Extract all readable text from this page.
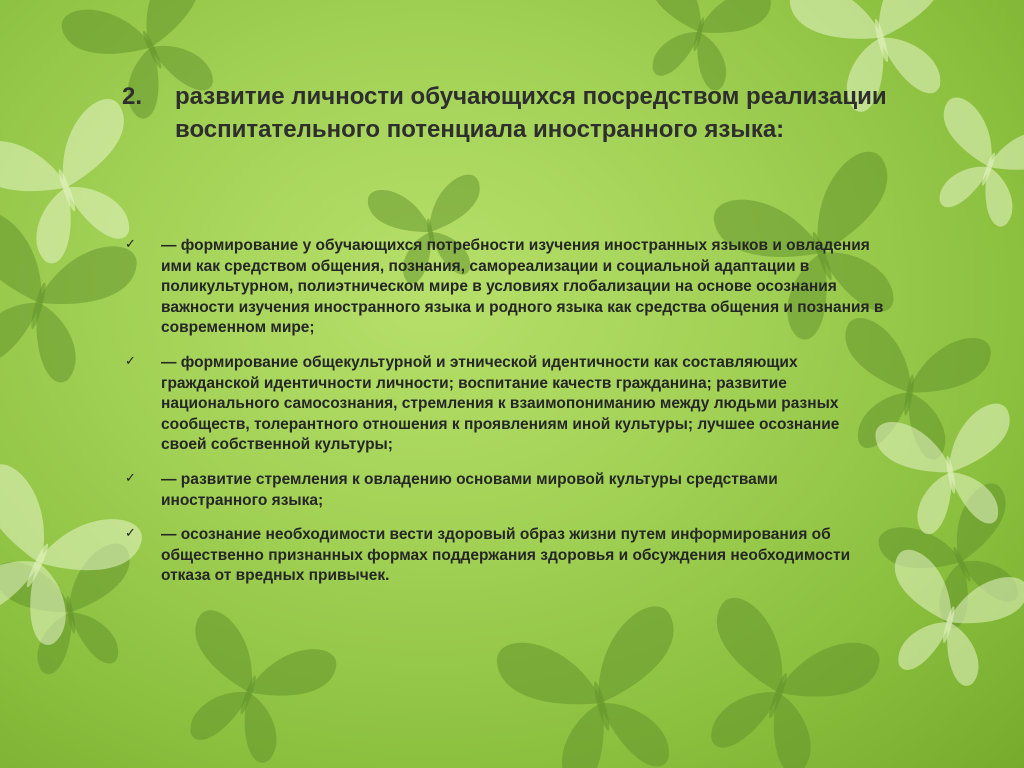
2. развитие личности обучающихся посредством реализации воспитательного потенциала иностранного языка:
✓ — формирование у обучающихся потребности изучения иностранных языков и овладения ими как средством общения, познания, самореализации и социальной адаптации в поликультурном, полиэтническом мире в условиях глобализации на основе осознания важности изучения иностранного языка и родного языка как средства общения и познания в современном мире;
✓ — формирование общекультурной и этнической идентичности как составляющих гражданской идентичности личности; воспитание качеств гражданина; развитие национального самосознания, стремления к взаимопониманию между людьми разных сообществ, толерантного отношения к проявлениям иной культуры; лучшее осознание своей собственной культуры;
✓ — развитие стремления к овладению основами мировой культуры средствами иностранного языка;
✓ — осознание необходимости вести здоровый образ жизни путем информирования об общественно признанных формах поддержания здоровья и обсуждения необходимости отказа от вредных привычек.
